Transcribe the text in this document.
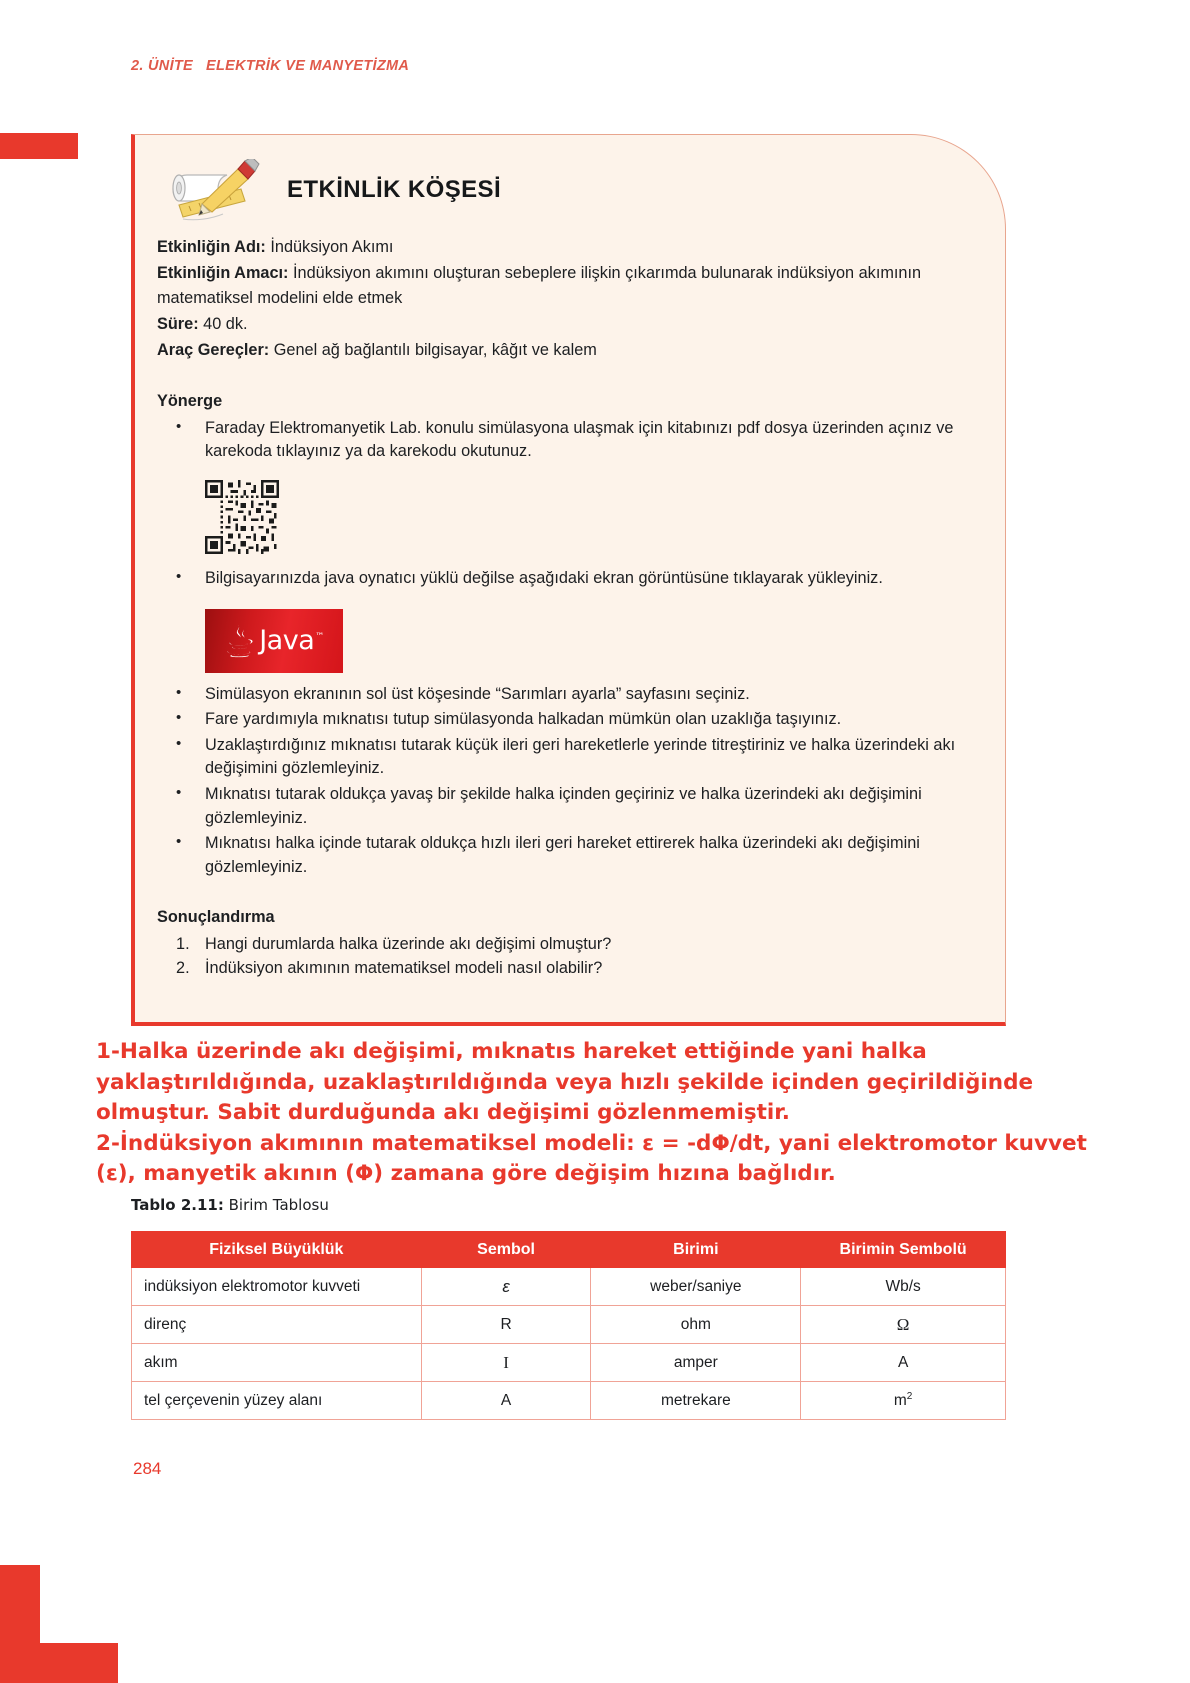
2. ÜNİTE   ELEKTRİK VE MANYETİZMA
ETKİNLİK KÖŞESİ
Etkinliğin Adı: İndüksiyon Akımı
Etkinliğin Amacı: İndüksiyon akımını oluşturan sebeplere ilişkin çıkarımda bulunarak indüksiyon akımının matematiksel modelini elde etmek
Süre: 40 dk.
Araç Gereçler: Genel ağ bağlantılı bilgisayar, kâğıt ve kalem
Yönerge
• Faraday Elektromanyetik Lab. konulu simülasyona ulaşmak için kitabınızı pdf dosya üzerinden açınız ve karekoda tıklayınız ya da karekodu okutunuz.
• Bilgisayarınızda java oynatıcı yüklü değilse aşağıdaki ekran görüntüsüne tıklayarak yükleyiniz.
Java™
• Simülasyon ekranının sol üst köşesinde “Sarımları ayarla” sayfasını seçiniz.
• Fare yardımıyla mıknatısı tutup simülasyonda halkadan mümkün olan uzaklığa taşıyınız.
• Uzaklaştırdığınız mıknatısı tutarak küçük ileri geri hareketlerle yerinde titreştiriniz ve halka üzerindeki akı değişimini gözlemleyiniz.
• Mıknatısı tutarak oldukça yavaş bir şekilde halka içinden geçiriniz ve halka üzerindeki akı değişimini gözlemleyiniz.
• Mıknatısı halka içinde tutarak oldukça hızlı ileri geri hareket ettirerek halka üzerindeki akı değişimini gözlemleyiniz.
Sonuçlandırma
Hangi durumlarda halka üzerinde akı değişimi olmuştur?
İndüksiyon akımının matematiksel modeli nasıl olabilir?

1-Halka üzerinde akı değişimi, mıknatıs hareket ettiğinde yani halka

yaklaştırıldığında, uzaklaştırıldığında veya hızlı şekilde içinden geçirildiğinde

olmuştur. Sabit durduğunda akı değişimi gözlenmemiştir.

2-İndüksiyon akımının matematiksel modeli: ε = -dΦ/dt, yani elektromotor kuvvet

(ε), manyetik akının (Φ) zamana göre değişim hızına bağlıdır.

Tablo 2.11: Birim Tablosu
Fiziksel Büyüklük	Sembol	Birimi	Birimin Sembolü
indüksiyon elektromotor kuvveti	ε	weber/saniye	Wb/s
direnç	R	ohm	Ω
akım	I	amper	A
tel çerçevenin yüzey alanı	A	metrekare	$m^2$
284
